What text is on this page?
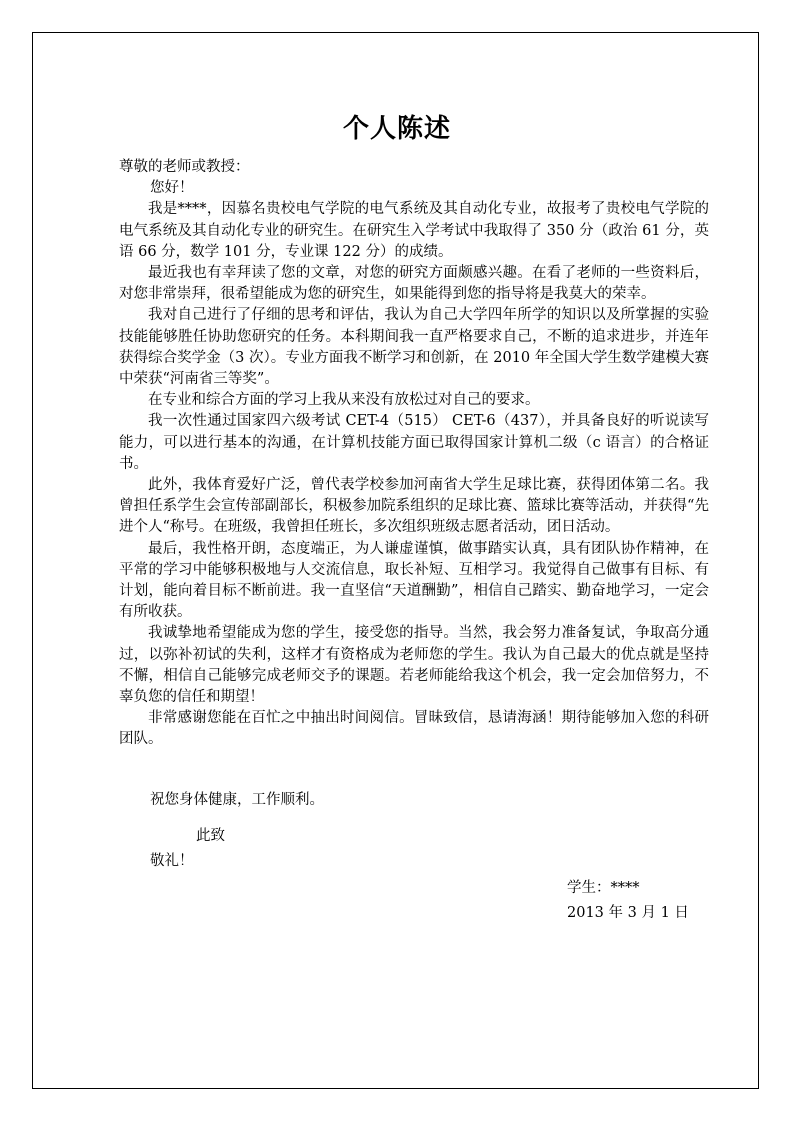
个人陈述

尊敬的老师或教授：

您好！

我是****，因慕名贵校电气学院的电气系统及其自动化专业，故报考了贵校电气学院的电气系统及其自动化专业的研究生。在研究生入学考试中我取得了 350 分（政治 61 分，英语 66 分，数学 101 分，专业课 122 分）的成绩。

最近我也有幸拜读了您的文章，对您的研究方面颇感兴趣。在看了老师的一些资料后，对您非常崇拜，很希望能成为您的研究生，如果能得到您的指导将是我莫大的荣幸。

我对自己进行了仔细的思考和评估，我认为自己大学四年所学的知识以及所掌握的实验技能能够胜任协助您研究的任务。本科期间我一直严格要求自己，不断的追求进步，并连年获得综合奖学金（3 次）。专业方面我不断学习和创新，在 2010 年全国大学生数学建模大赛中荣获“河南省三等奖”。

在专业和综合方面的学习上我从来没有放松过对自己的要求。

我一次性通过国家四六级考试 CET-4（515） CET-6（437），并具备良好的听说读写能力，可以进行基本的沟通，在计算机技能方面已取得国家计算机二级（c 语言）的合格证书。

此外，我体育爱好广泛，曾代表学校参加河南省大学生足球比赛，获得团体第二名。我曾担任系学生会宣传部副部长，积极参加院系组织的足球比赛、篮球比赛等活动，并获得“先进个人“称号。在班级，我曾担任班长，多次组织班级志愿者活动，团日活动。

最后，我性格开朗，态度端正，为人谦虚谨慎，做事踏实认真，具有团队协作精神，在平常的学习中能够积极地与人交流信息，取长补短、互相学习。我觉得自己做事有目标、有计划，能向着目标不断前进。我一直坚信“天道酬勤”，相信自己踏实、勤奋地学习，一定会有所收获。

我诚挚地希望能成为您的学生，接受您的指导。当然，我会努力准备复试，争取高分通过，以弥补初试的失利，这样才有资格成为老师您的学生。我认为自己最大的优点就是坚持不懈，相信自己能够完成老师交予的课题。若老师能给我这个机会，我一定会加倍努力，不辜负您的信任和期望！

非常感谢您能在百忙之中抽出时间阅信。冒昧致信，恳请海涵！期待能够加入您的科研团队。

祝您身体健康，工作顺利。

此致

敬礼！

学生：****
2013 年 3 月 1 日
